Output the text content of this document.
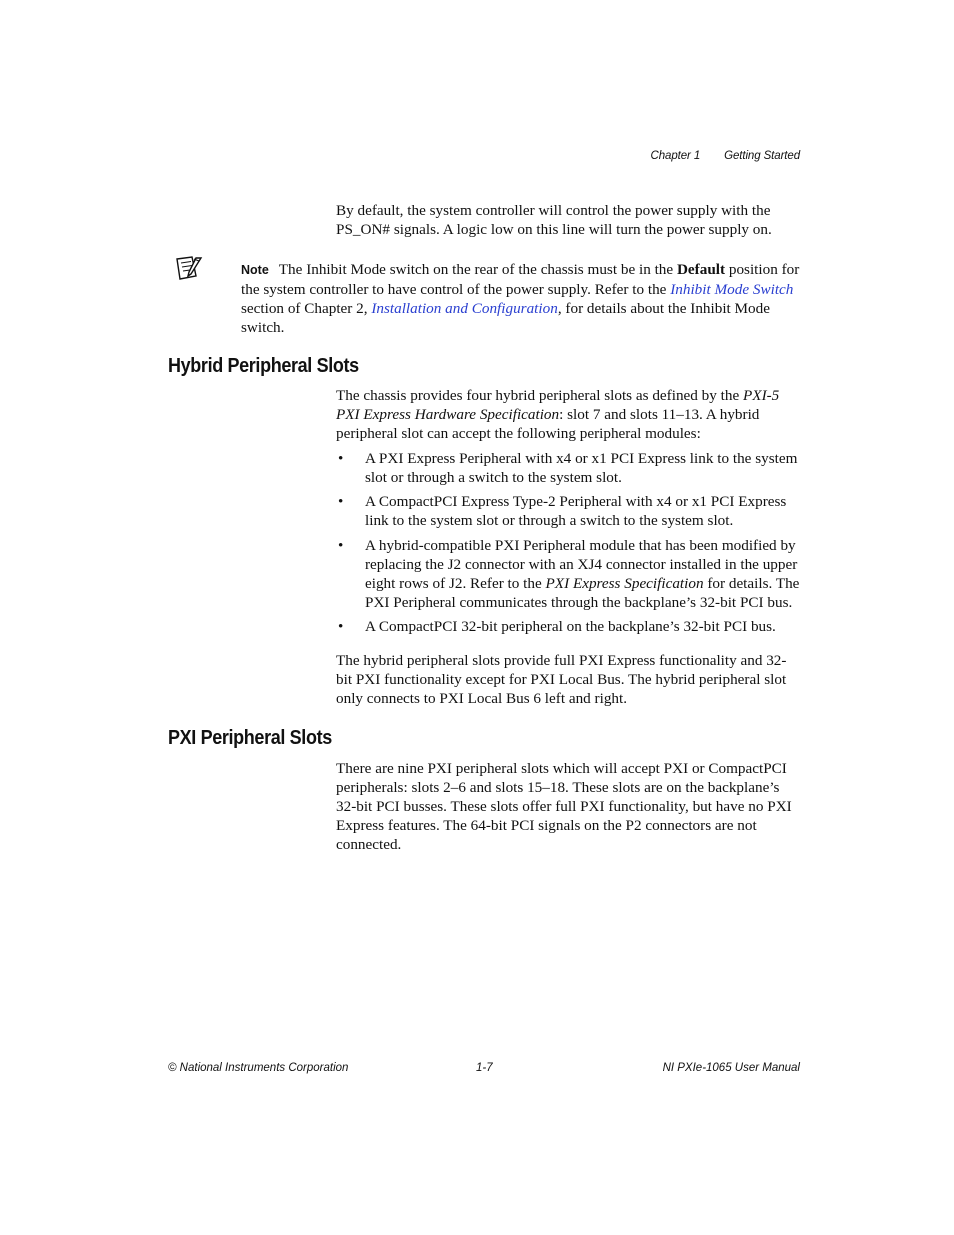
Chapter 1 Getting Started

By default, the system controller will control the power supply with the PS_ON# signals. A logic low on this line will turn the power supply on.

Note The Inhibit Mode switch on the rear of the chassis must be in the Default position for the system controller to have control of the power supply. Refer to the Inhibit Mode Switch section of Chapter 2, Installation and Configuration, for details about the Inhibit Mode switch.
Hybrid Peripheral Slots

The chassis provides four hybrid peripheral slots as defined by the PXI-5 PXI Express Hardware Specification: slot 7 and slots 11–13. A hybrid peripheral slot can accept the following peripheral modules:

• A PXI Express Peripheral with x4 or x1 PCI Express link to the system slot or through a switch to the system slot.
• A CompactPCI Express Type-2 Peripheral with x4 or x1 PCI Express link to the system slot or through a switch to the system slot.
• A hybrid-compatible PXI Peripheral module that has been modified by replacing the J2 connector with an XJ4 connector installed in the upper eight rows of J2. Refer to the PXI Express Specification for details. The PXI Peripheral communicates through the backplane’s 32-bit PCI bus.
• A CompactPCI 32-bit peripheral on the backplane’s 32-bit PCI bus.

The hybrid peripheral slots provide full PXI Express functionality and 32-bit PXI functionality except for PXI Local Bus. The hybrid peripheral slot only connects to PXI Local Bus 6 left and right.

PXI Peripheral Slots

There are nine PXI peripheral slots which will accept PXI or CompactPCI peripherals: slots 2–6 and slots 15–18. These slots are on the backplane’s 32-bit PCI busses. These slots offer full PXI functionality, but have no PXI Express features. The 64-bit PCI signals on the P2 connectors are not connected.

© National Instruments Corporation	1-7	NI PXIe-1065 User Manual
